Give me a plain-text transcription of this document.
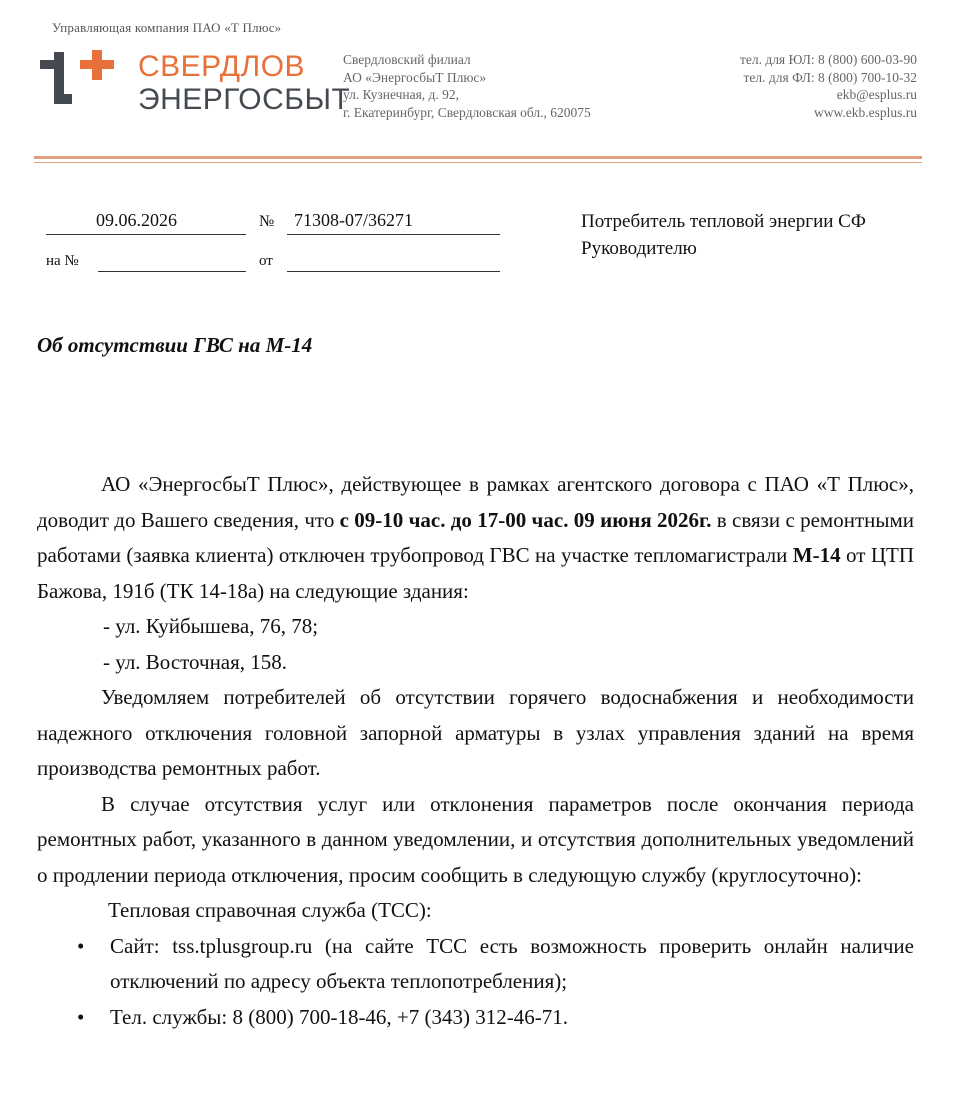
Управляющая компания ПАО «Т Плюс»
СВЕРДЛОВ
ЭНЕРГОСБЫТ
Свердловский филиал
АО «ЭнергосбыТ Плюс»
ул. Кузнечная, д. 92,
г. Екатеринбург, Свердловская обл., 620075
тел. для ЮЛ: 8 (800) 600-03-90
тел. для ФЛ: 8 (800) 700-10-32
ekb@esplus.ru
www.ekb.esplus.ru
09.06.2026	№ 71308-07/36271
на №	от
Потребитель тепловой энергии СФ
Руководителю
Об отсутствии ГВС на М-14

АО «ЭнергосбыТ Плюс», действующее в рамках агентского договора с ПАО «Т Плюс», доводит до Вашего сведения, что с 09-10 час. до 17-00 час. 09 июня 2026г. в связи с ремонтными работами (заявка клиента) отключен трубопровод ГВС на участке тепломагистрали М-14 от ЦТП Бажова, 191б (ТК 14-18а) на следующие здания:

- ул. Куйбышева, 76, 78;
- ул. Восточная, 158.

Уведомляем потребителей об отсутствии горячего водоснабжения и необходимости надежного отключения головной запорной арматуры в узлах управления зданий на время производства ремонтных работ.

В случае отсутствия услуг или отклонения параметров после окончания периода ремонтных работ, указанного в данном уведомлении, и отсутствия дополнительных уведомлений о продлении периода отключения, просим сообщить в следующую службу (круглосуточно):

Тепловая справочная служба (ТСС):
• Сайт: tss.tplusgroup.ru (на сайте ТСС есть возможность проверить онлайн наличие отключений по адресу объекта теплопотребления);
• Тел. службы: 8 (800) 700-18-46, +7 (343) 312-46-71.
